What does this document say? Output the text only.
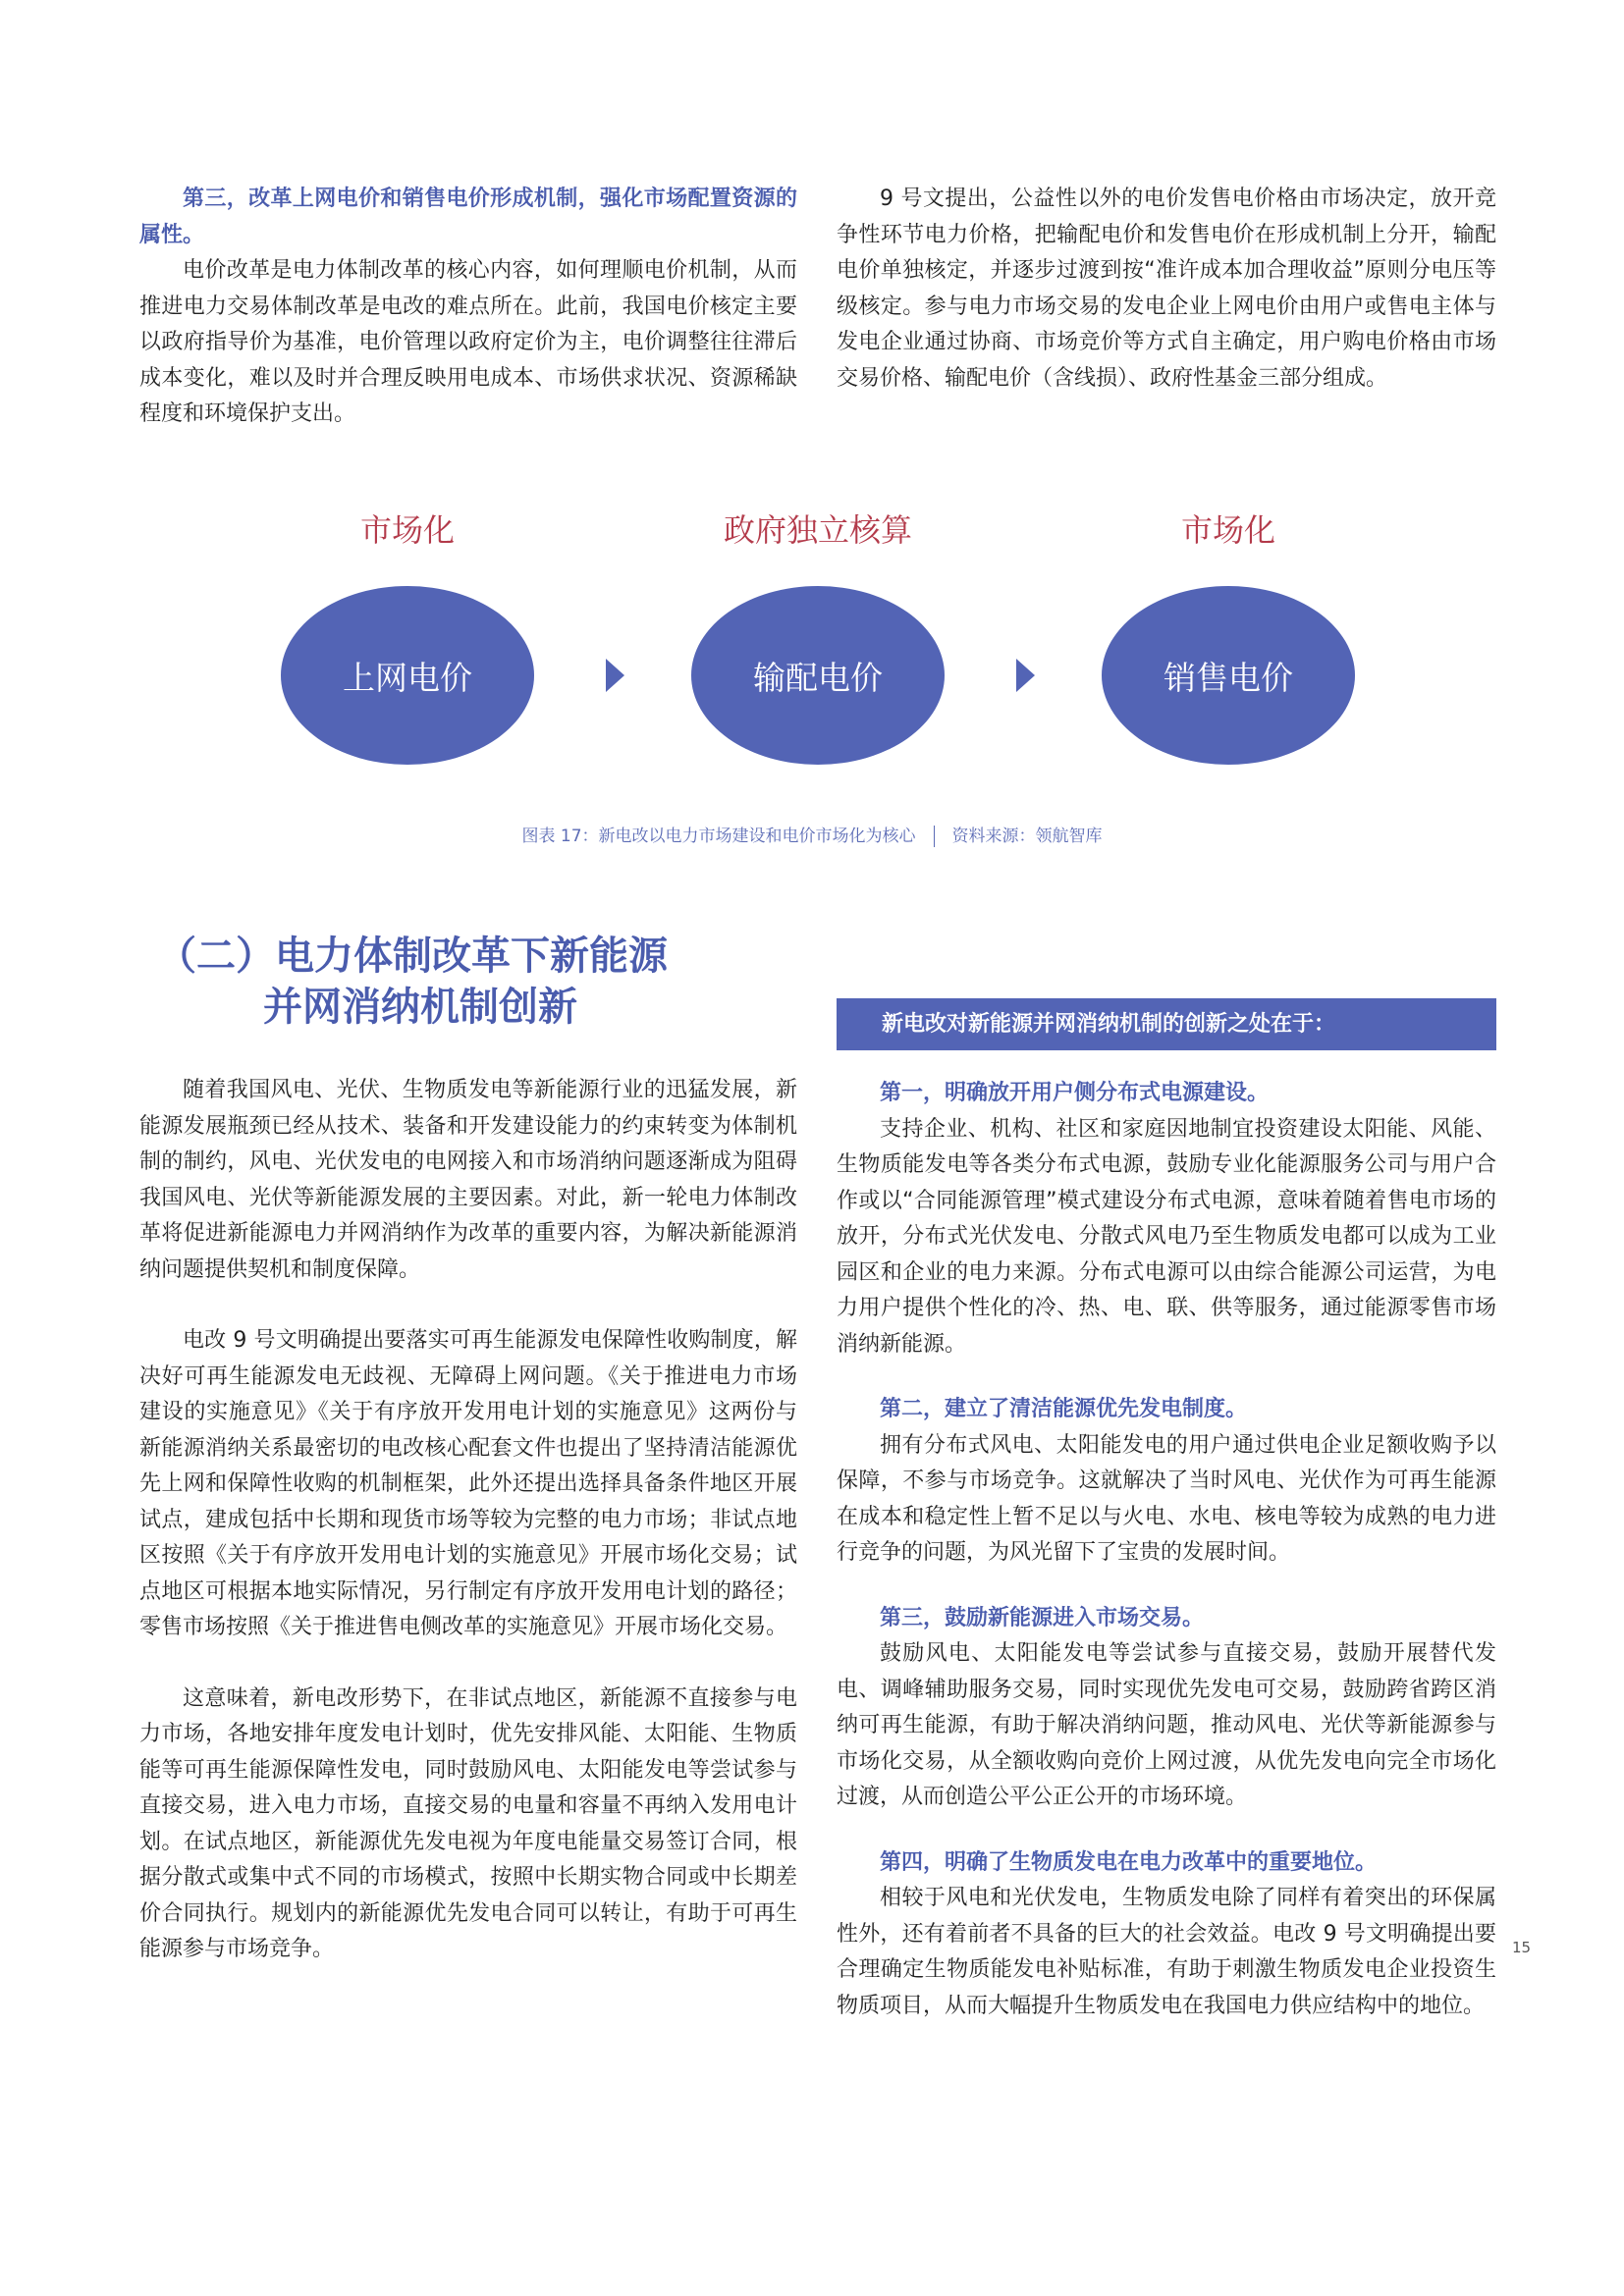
第三，改革上网电价和销售电价形成机制，强化市场配置资源的属性。

电价改革是电力体制改革的核心内容，如何理顺电价机制，从而推进电力交易体制改革是电改的难点所在。此前，我国电价核定主要以政府指导价为基准，电价管理以政府定价为主，电价调整往往滞后成本变化，难以及时并合理反映用电成本、市场供求状况、资源稀缺程度和环境保护支出。

9 号文提出，公益性以外的电价发售电价格由市场决定，放开竞争性环节电力价格，把输配电价和发售电价在形成机制上分开，输配电价单独核定，并逐步过渡到按“准许成本加合理收益”原则分电压等级核定。参与电力市场交易的发电企业上网电价由用户或售电主体与发电企业通过协商、市场竞价等方式自主确定，用户购电价格由市场交易价格、输配电价（含线损）、政府性基金三部分组成。

市场化	政府独立核算	市场化
上网电价	输配电价	销售电价
图表 17：新电改以电力市场建设和电价市场化为核心 资料来源：领航智库
（二）电力体制改革下新能源
并网消纳机制创新	新电改对新能源并网消纳机制的创新之处在于：

随着我国风电、光伏、生物质发电等新能源行业的迅猛发展，新能源发展瓶颈已经从技术、装备和开发建设能力的约束转变为体制机制的制约，风电、光伏发电的电网接入和市场消纳问题逐渐成为阻碍我国风电、光伏等新能源发展的主要因素。对此，新一轮电力体制改革将促进新能源电力并网消纳作为改革的重要内容，为解决新能源消纳问题提供契机和制度保障。

电改 9 号文明确提出要落实可再生能源发电保障性收购制度，解决好可再生能源发电无歧视、无障碍上网问题。《关于推进电力市场建设的实施意见》《关于有序放开发用电计划的实施意见》这两份与新能源消纳关系最密切的电改核心配套文件也提出了坚持清洁能源优先上网和保障性收购的机制框架，此外还提出选择具备条件地区开展试点，建成包括中长期和现货市场等较为完整的电力市场；非试点地区按照《关于有序放开发用电计划的实施意见》开展市场化交易；试点地区可根据本地实际情况，另行制定有序放开发用电计划的路径；零售市场按照《关于推进售电侧改革的实施意见》开展市场化交易。

这意味着，新电改形势下，在非试点地区，新能源不直接参与电力市场，各地安排年度发电计划时，优先安排风能、太阳能、生物质能等可再生能源保障性发电，同时鼓励风电、太阳能发电等尝试参与直接交易，进入电力市场，直接交易的电量和容量不再纳入发用电计划。在试点地区，新能源优先发电视为年度电能量交易签订合同，根据分散式或集中式不同的市场模式，按照中长期实物合同或中长期差价合同执行。规划内的新能源优先发电合同可以转让，有助于可再生能源参与市场竞争。

第一，明确放开用户侧分布式电源建设。

支持企业、机构、社区和家庭因地制宜投资建设太阳能、风能、生物质能发电等各类分布式电源，鼓励专业化能源服务公司与用户合作或以“合同能源管理”模式建设分布式电源，意味着随着售电市场的放开，分布式光伏发电、分散式风电乃至生物质发电都可以成为工业园区和企业的电力来源。分布式电源可以由综合能源公司运营，为电力用户提供个性化的冷、热、电、联、供等服务，通过能源零售市场消纳新能源。

第二，建立了清洁能源优先发电制度。

拥有分布式风电、太阳能发电的用户通过供电企业足额收购予以保障，不参与市场竞争。这就解决了当时风电、光伏作为可再生能源在成本和稳定性上暂不足以与火电、水电、核电等较为成熟的电力进行竞争的问题，为风光留下了宝贵的发展时间。

第三，鼓励新能源进入市场交易。

鼓励风电、太阳能发电等尝试参与直接交易，鼓励开展替代发电、调峰辅助服务交易，同时实现优先发电可交易，鼓励跨省跨区消纳可再生能源，有助于解决消纳问题，推动风电、光伏等新能源参与市场化交易，从全额收购向竞价上网过渡，从优先发电向完全市场化过渡，从而创造公平公正公开的市场环境。

第四，明确了生物质发电在电力改革中的重要地位。

相较于风电和光伏发电，生物质发电除了同样有着突出的环保属性外，还有着前者不具备的巨大的社会效益。电改 9 号文明确提出要合理确定生物质能发电补贴标准，有助于刺激生物质发电企业投资生物质项目，从而大幅提升生物质发电在我国电力供应结构中的地位。

15
